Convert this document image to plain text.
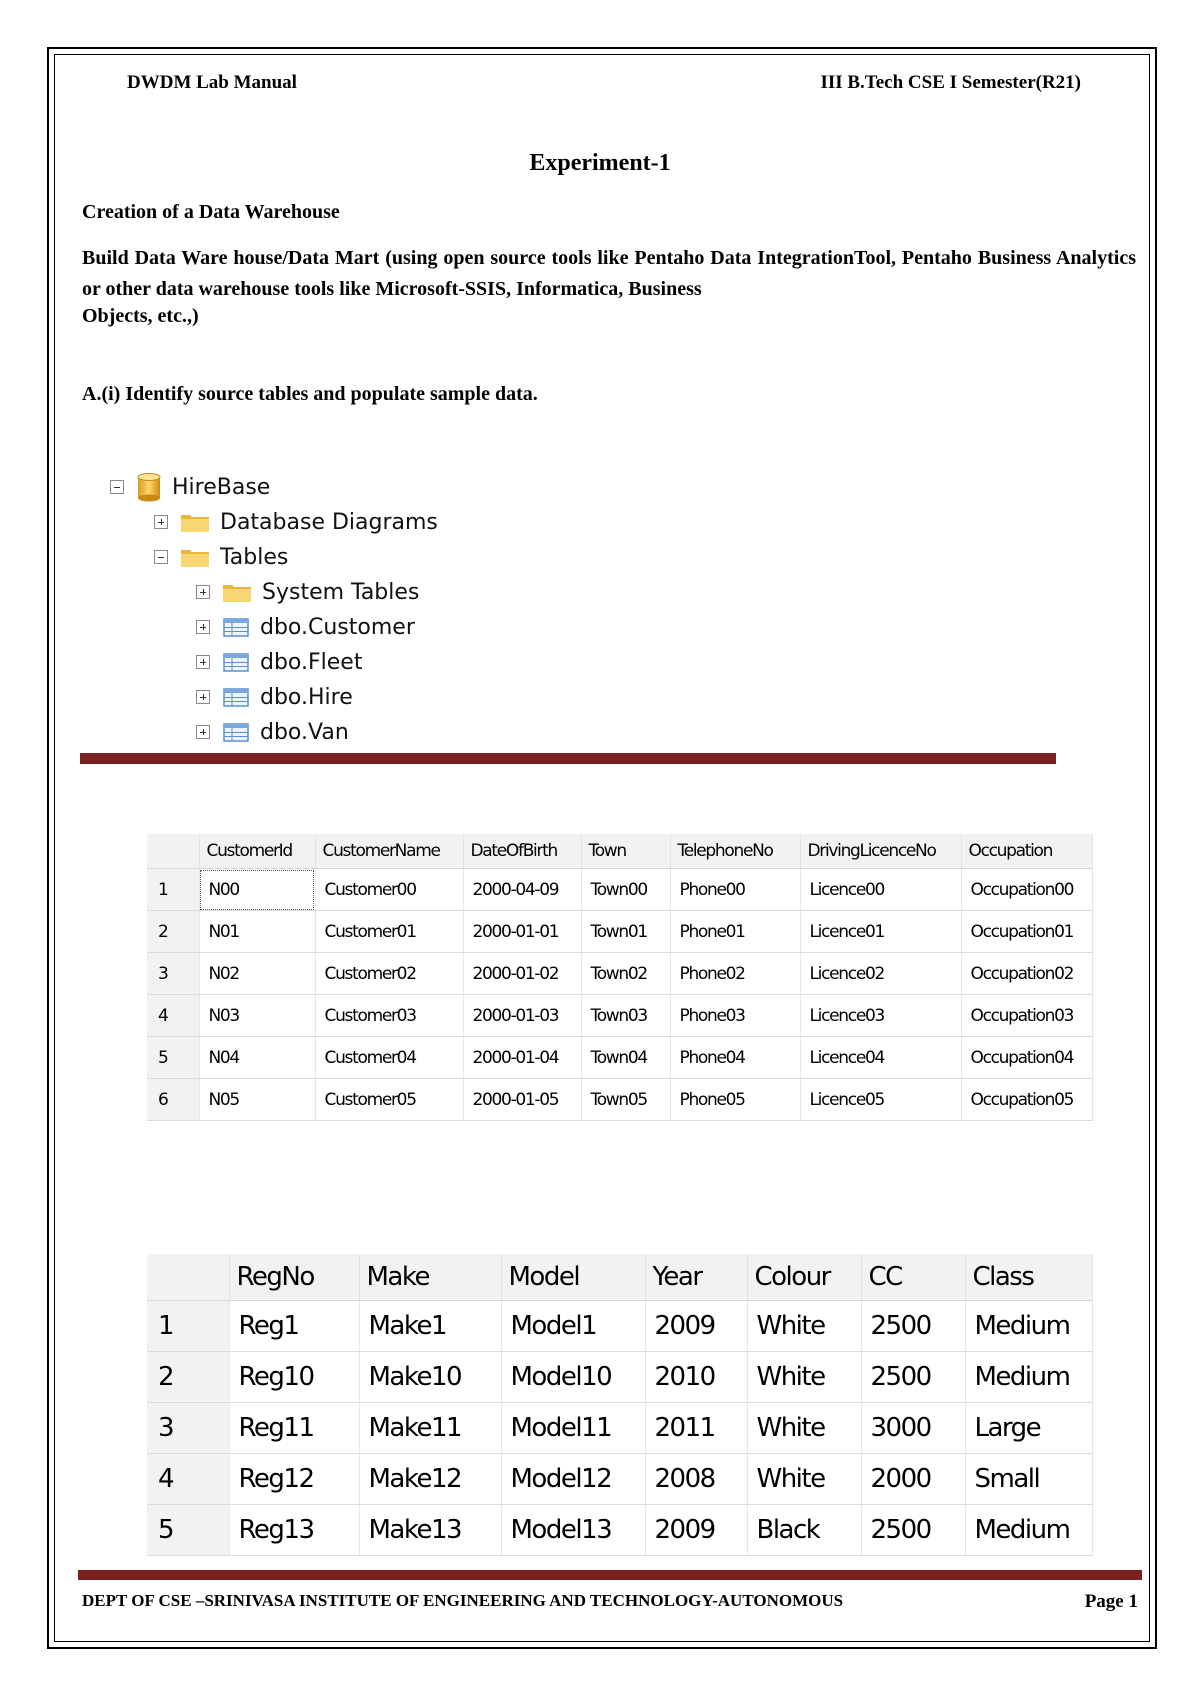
DWDM Lab Manual	III B.Tech CSE I Semester(R21)
Experiment-1
Creation of a Data Warehouse
Build Data Ware house/Data Mart (using open source tools like Pentaho Data IntegrationTool, Pentaho Business Analytics or other data warehouse tools like Microsoft-SSIS, Informatica, Business
Objects, etc.,)
A.(i) Identify source tables and populate sample data.
HireBase
Database Diagrams
Tables
System Tables
dbo.Customer
dbo.Fleet
dbo.Hire
dbo.Van
	CustomerId	CustomerName	DateOfBirth	Town	TelephoneNo	DrivingLicenceNo	Occupation
1	N00	Customer00	2000-04-09	Town00	Phone00	Licence00	Occupation00
2	N01	Customer01	2000-01-01	Town01	Phone01	Licence01	Occupation01
3	N02	Customer02	2000-01-02	Town02	Phone02	Licence02	Occupation02
4	N03	Customer03	2000-01-03	Town03	Phone03	Licence03	Occupation03
5	N04	Customer04	2000-01-04	Town04	Phone04	Licence04	Occupation04
6	N05	Customer05	2000-01-05	Town05	Phone05	Licence05	Occupation05
	RegNo	Make	Model	Year	Colour	CC	Class
1	Reg1	Make1	Model1	2009	White	2500	Medium
2	Reg10	Make10	Model10	2010	White	2500	Medium
3	Reg11	Make11	Model11	2011	White	3000	Large
4	Reg12	Make12	Model12	2008	White	2000	Small
5	Reg13	Make13	Model13	2009	Black	2500	Medium
DEPT OF CSE –SRINIVASA INSTITUTE OF ENGINEERING AND TECHNOLOGY-AUTONOMOUS	Page 1
